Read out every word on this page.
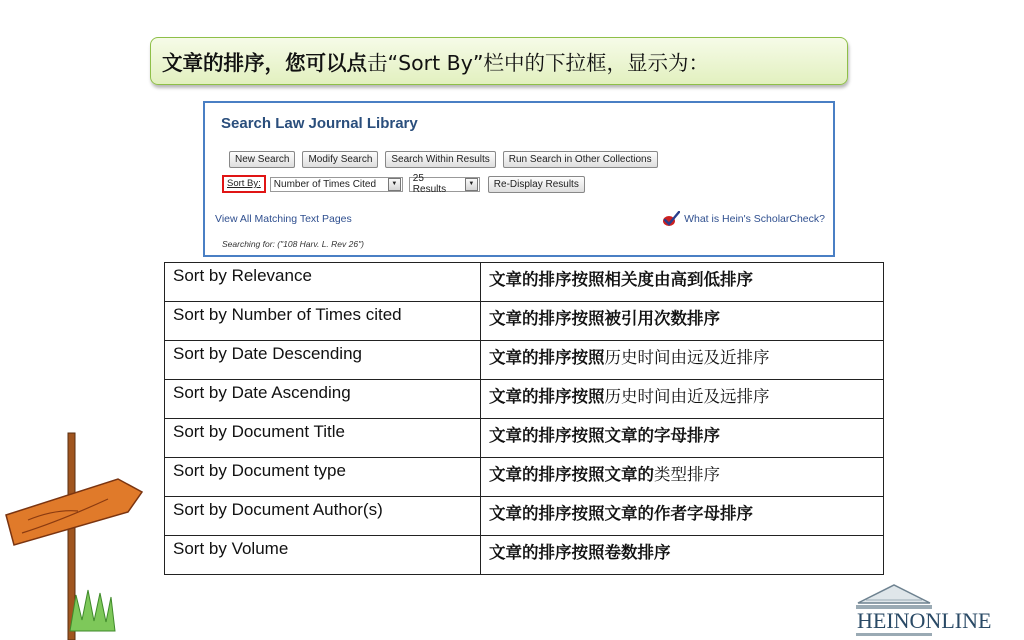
文章的排序，您可以点 击“Sort By”栏中的下拉框，显示为：
Search Law Journal Library
New Search	Modify Search	Search Within Results	Run Search in Other Collections
Sort By:	Number of Times Cited	▼	25 Results	▼	Re-Display Results
View All Matching Text Pages	What is Hein's ScholarCheck?
Searching for: ("108 Harv. L. Rev 26")
Sort by Relevance	文章的排序按照相关度由高到低排序
Sort by Number of Times cited	文章的排序按照被引用次数排序
Sort by Date Descending	文章的排序按照历史时间由远及近排序
Sort by Date Ascending	文章的排序按照历史时间由近及远排序
Sort by Document Title	文章的排序按照文章的字母排序
Sort by Document type	文章的排序按照文章的类型排序
Sort by Document Author(s)	文章的排序按照文章的作者字母排序
Sort by Volume	文章的排序按照卷数排序
HEINONLINE
